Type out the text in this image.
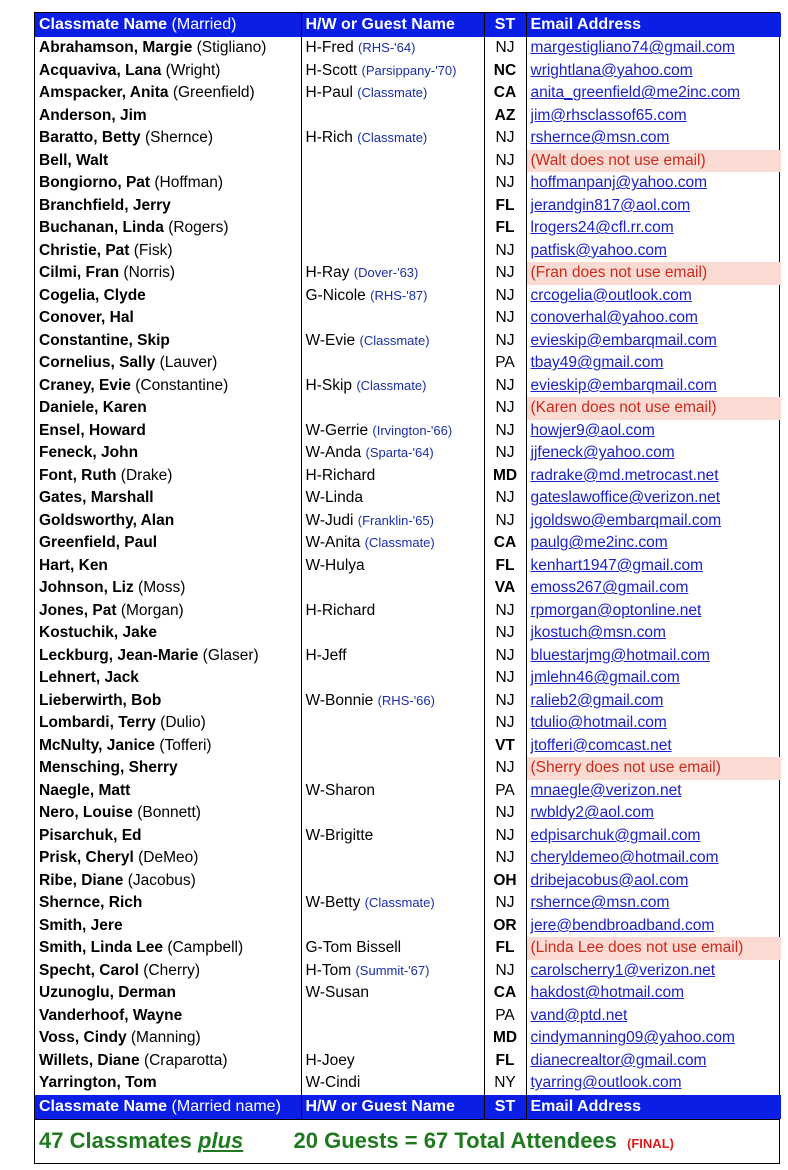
Classmate Name (Married)	H/W or Guest Name	ST	Email Address
Abrahamson, Margie (Stigliano)	H-Fred (RHS-'64)	NJ	margestigliano74@gmail.com
Acquaviva, Lana (Wright)	H-Scott (Parsippany-'70)	NC	wrightlana@yahoo.com
Amspacker, Anita (Greenfield)	H-Paul (Classmate)	CA	anita_greenfield@me2inc.com
Anderson, Jim		AZ	jim@rhsclassof65.com
Baratto, Betty (Shernce)	H-Rich (Classmate)	NJ	rshernce@msn.com
Bell, Walt		NJ	(Walt does not use email)
Bongiorno, Pat (Hoffman)		NJ	hoffmanpanj@yahoo.com
Branchfield, Jerry		FL	jerandgin817@aol.com
Buchanan, Linda (Rogers)		FL	lrogers24@cfl.rr.com
Christie, Pat (Fisk)		NJ	patfisk@yahoo.com
Cilmi, Fran (Norris)	H-Ray (Dover-'63)	NJ	(Fran does not use email)
Cogelia, Clyde	G-Nicole (RHS-'87)	NJ	crcogelia@outlook.com
Conover, Hal		NJ	conoverhal@yahoo.com
Constantine, Skip	W-Evie (Classmate)	NJ	evieskip@embarqmail.com
Cornelius, Sally (Lauver)		PA	tbay49@gmail.com
Craney, Evie (Constantine)	H-Skip (Classmate)	NJ	evieskip@embarqmail.com
Daniele, Karen		NJ	(Karen does not use email)
Ensel, Howard	W-Gerrie (Irvington-'66)	NJ	howjer9@aol.com
Feneck, John	W-Anda (Sparta-'64)	NJ	jjfeneck@yahoo.com
Font, Ruth (Drake)	H-Richard	MD	radrake@md.metrocast.net
Gates, Marshall	W-Linda	NJ	gateslawoffice@verizon.net
Goldsworthy, Alan	W-Judi (Franklin-'65)	NJ	jgoldswo@embarqmail.com
Greenfield, Paul	W-Anita (Classmate)	CA	paulg@me2inc.com
Hart, Ken	W-Hulya	FL	kenhart1947@gmail.com
Johnson, Liz (Moss)		VA	emoss267@gmail.com
Jones, Pat (Morgan)	H-Richard	NJ	rpmorgan@optonline.net
Kostuchik, Jake		NJ	jkostuch@msn.com
Leckburg, Jean-Marie (Glaser)	H-Jeff	NJ	bluestarjmg@hotmail.com
Lehnert, Jack		NJ	jmlehn46@gmail.com
Lieberwirth, Bob	W-Bonnie (RHS-'66)	NJ	ralieb2@gmail.com
Lombardi, Terry (Dulio)		NJ	tdulio@hotmail.com
McNulty, Janice (Tofferi)		VT	jtofferi@comcast.net
Mensching, Sherry		NJ	(Sherry does not use email)
Naegle, Matt	W-Sharon	PA	mnaegle@verizon.net
Nero, Louise (Bonnett)		NJ	rwbldy2@aol.com
Pisarchuk, Ed	W-Brigitte	NJ	edpisarchuk@gmail.com
Prisk, Cheryl (DeMeo)		NJ	cheryldemeo@hotmail.com
Ribe, Diane (Jacobus)		OH	dribejacobus@aol.com
Shernce, Rich	W-Betty (Classmate)	NJ	rshernce@msn.com
Smith, Jere		OR	jere@bendbroadband.com
Smith, Linda Lee (Campbell)	G-Tom Bissell	FL	(Linda Lee does not use email)
Specht, Carol (Cherry)	H-Tom (Summit-'67)	NJ	carolscherry1@verizon.net
Uzunoglu, Derman	W-Susan	CA	hakdost@hotmail.com
Vanderhoof, Wayne		PA	vand@ptd.net
Voss, Cindy (Manning)		MD	cindymanning09@yahoo.com
Willets, Diane (Craparotta)	H-Joey	FL	dianecrealtor@gmail.com
Yarrington, Tom	W-Cindi	NY	tyarring@outlook.com
Classmate Name (Married name)	H/W or Guest Name	ST	Email Address
47 Classmates plus 20 Guests = 67 Total Attendees (FINAL)
